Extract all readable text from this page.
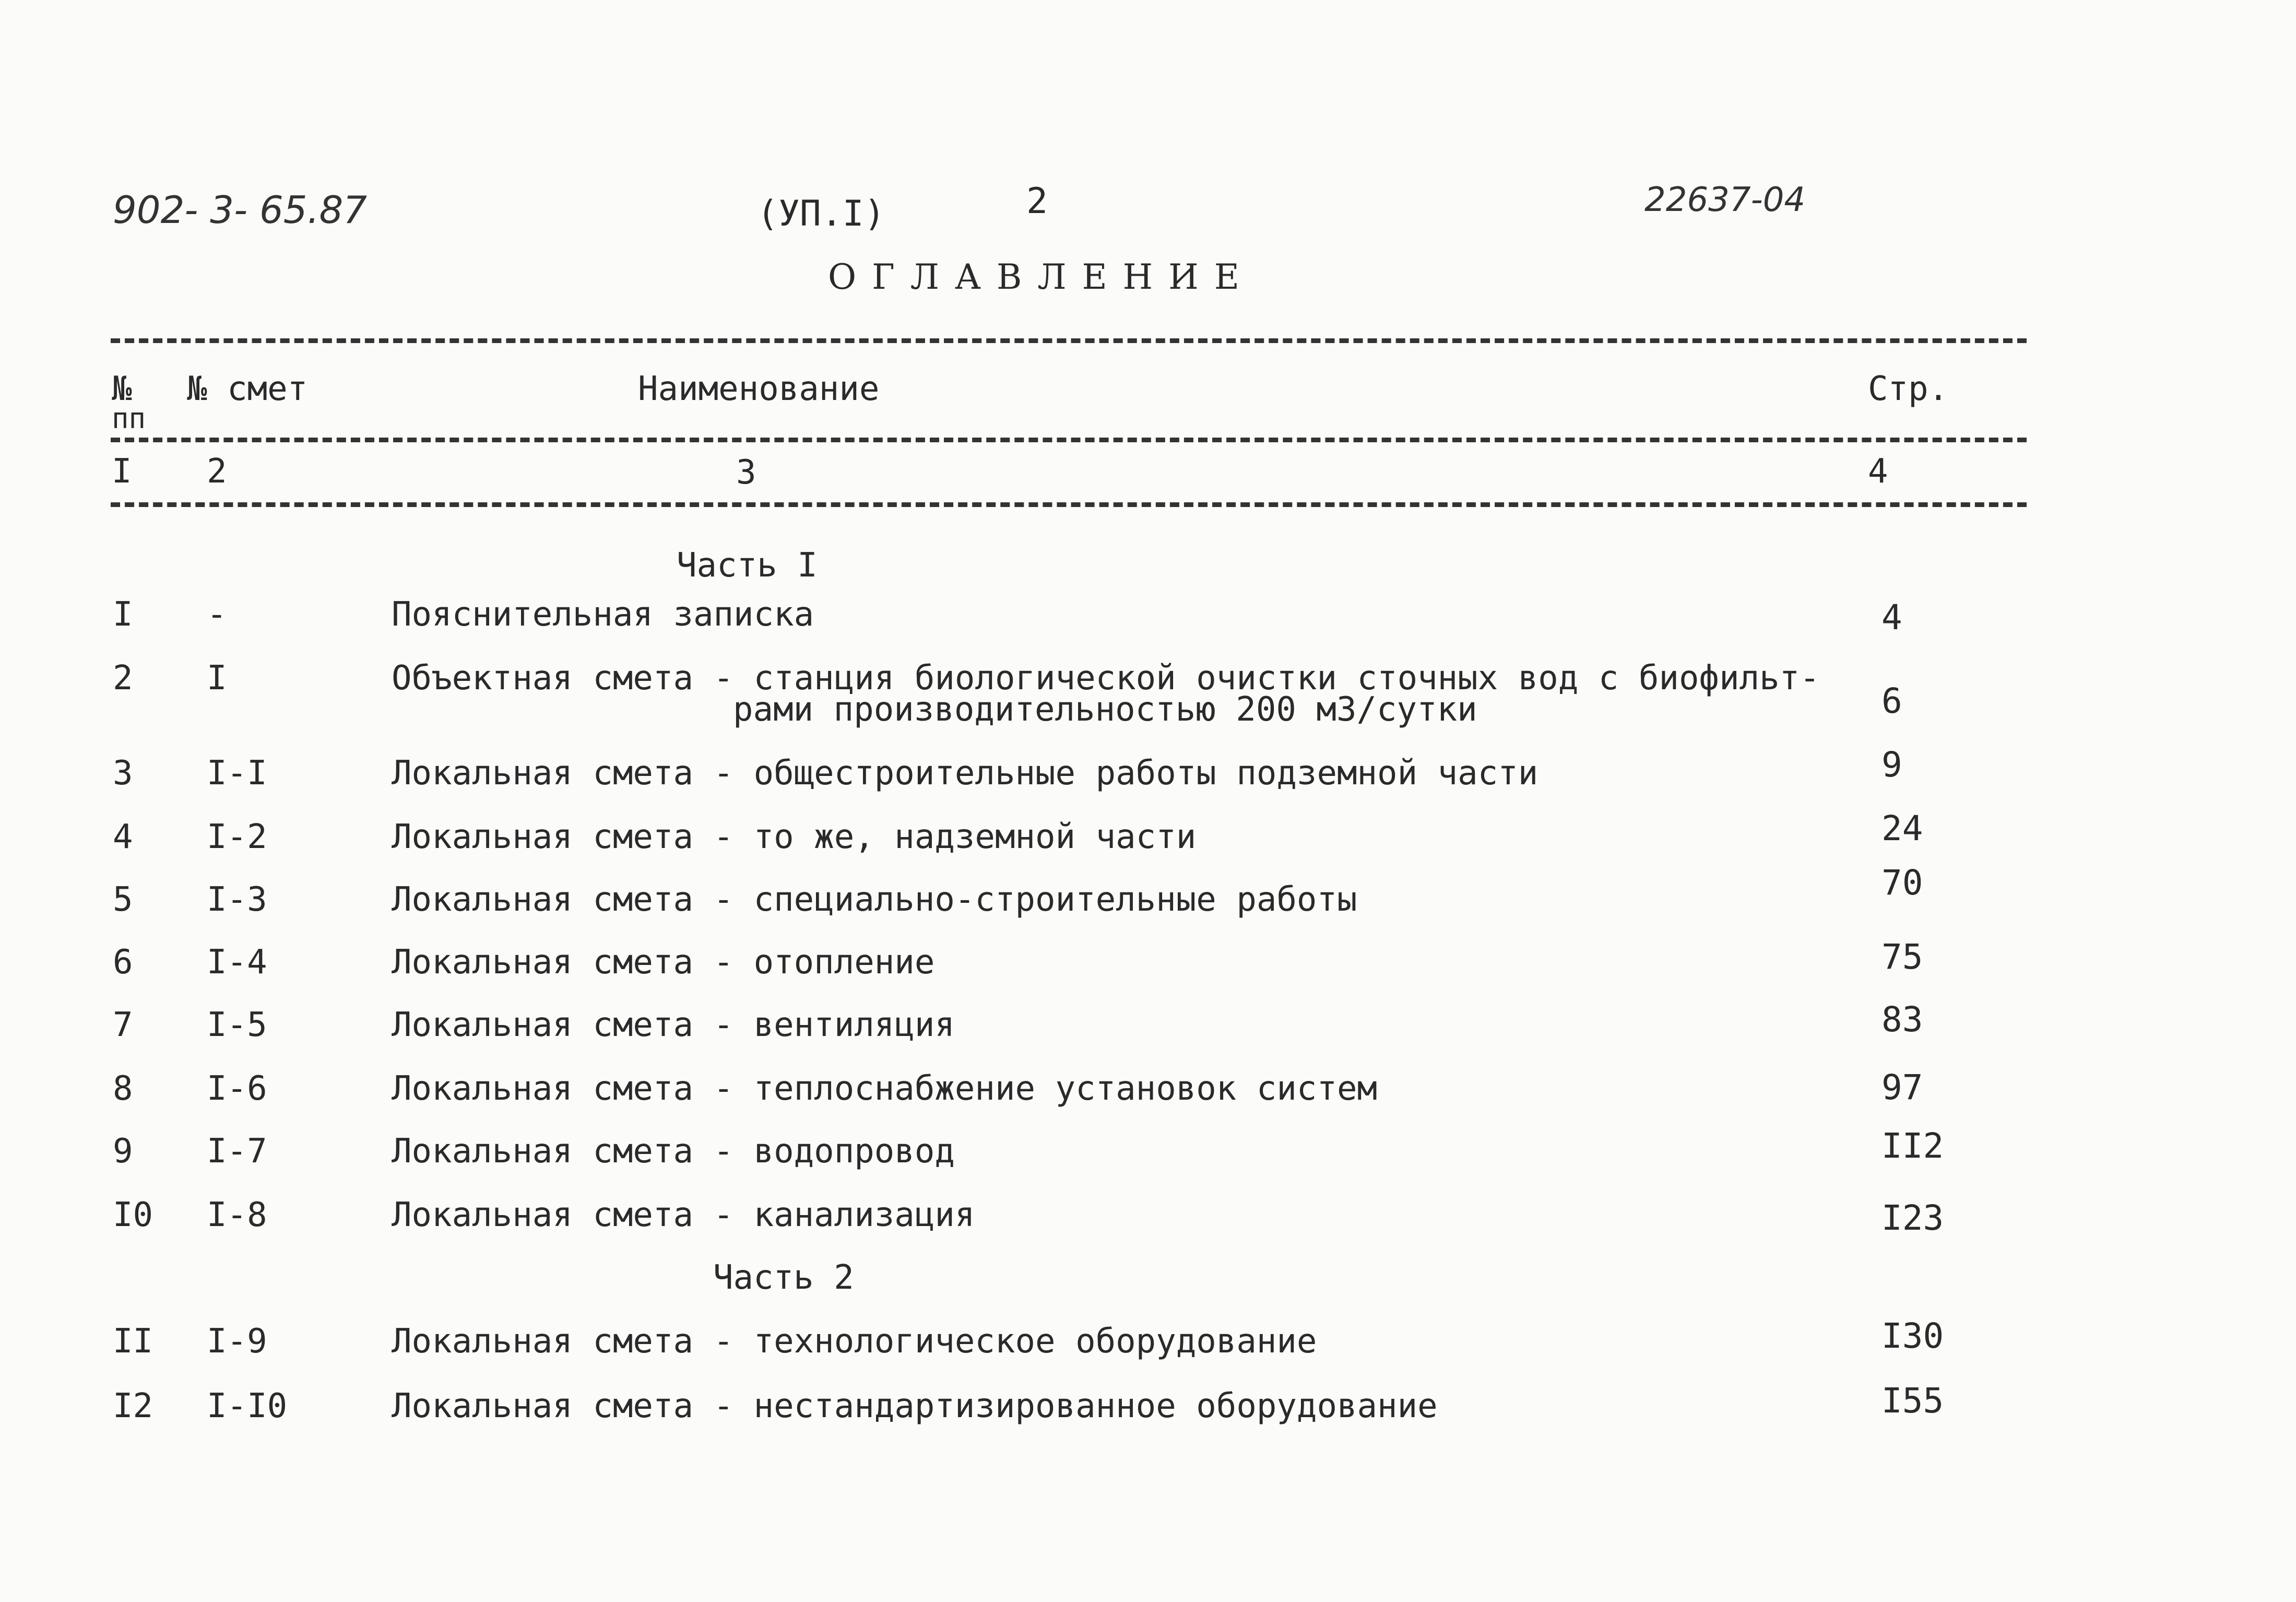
902- 3- 65.87	(УП.I)	2	22637-04
ОГЛАВЛЕНИЕ
№
пп
№ смет	Наименование	Стр.
I 2	3	4
Часть I
I -	Пояснительная записка	4
2 I	Объектная смета - станция биологической очистки сточных вод с биофильт-
рами производительностью 200 м3/сутки	6
3 I-I	Локальная смета - общестроительные работы подземной части	9
4 I-2	Локальная смета - то же, надземной части	24
5 I-3	Локальная смета - специально-строительные работы	70
6 I-4	Локальная смета - отопление	75
7 I-5	Локальная смета - вентиляция	83
8 I-6	Локальная смета - теплоснабжение установок систем	97
9 I-7	Локальная смета - водопровод	II2
I0 I-8	Локальная смета - канализация	I23
Часть 2
II I-9	Локальная смета - технологическое оборудование	I30
I2 I-I0	Локальная смета - нестандартизированное оборудование	I55
